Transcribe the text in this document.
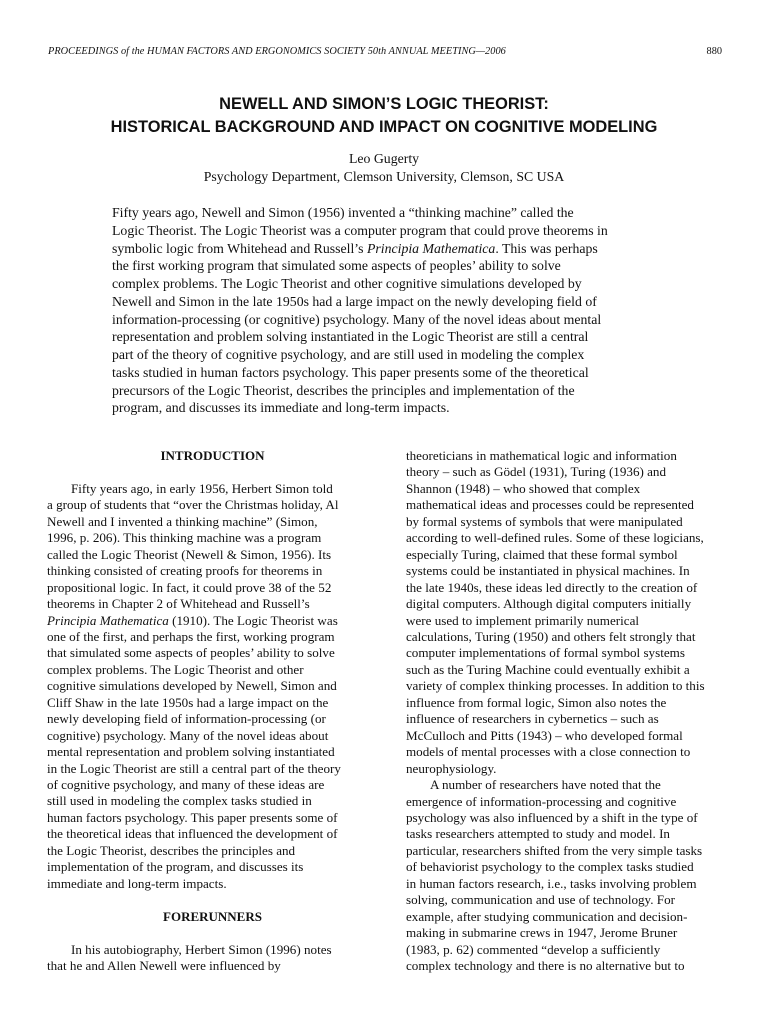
PROCEEDINGS of the HUMAN FACTORS AND ERGONOMICS SOCIETY 50th ANNUAL MEETING—2006	880
NEWELL AND SIMON’S LOGIC THEORIST:
HISTORICAL BACKGROUND AND IMPACT ON COGNITIVE MODELING
Leo Gugerty
Psychology Department, Clemson University, Clemson, SC USA
Fifty years ago, Newell and Simon (1956) invented a “thinking machine” called the
Logic Theorist. The Logic Theorist was a computer program that could prove theorems in
symbolic logic from Whitehead and Russell’s Principia Mathematica. This was perhaps
the first working program that simulated some aspects of peoples’ ability to solve
complex problems. The Logic Theorist and other cognitive simulations developed by
Newell and Simon in the late 1950s had a large impact on the newly developing field of
information-processing (or cognitive) psychology. Many of the novel ideas about mental
representation and problem solving instantiated in the Logic Theorist are still a central
part of the theory of cognitive psychology, and are still used in modeling the complex
tasks studied in human factors psychology. This paper presents some of the theoretical
precursors of the Logic Theorist, describes the principles and implementation of the
program, and discusses its immediate and long-term impacts.
INTRODUCTION
Fifty years ago, in early 1956, Herbert Simon told
a group of students that “over the Christmas holiday, Al
Newell and I invented a thinking machine” (Simon,
1996, p. 206). This thinking machine was a program
called the Logic Theorist (Newell & Simon, 1956). Its
thinking consisted of creating proofs for theorems in
propositional logic. In fact, it could prove 38 of the 52
theorems in Chapter 2 of Whitehead and Russell’s
Principia Mathematica (1910). The Logic Theorist was
one of the first, and perhaps the first, working program
that simulated some aspects of peoples’ ability to solve
complex problems. The Logic Theorist and other
cognitive simulations developed by Newell, Simon and
Cliff Shaw in the late 1950s had a large impact on the
newly developing field of information-processing (or
cognitive) psychology. Many of the novel ideas about
mental representation and problem solving instantiated
in the Logic Theorist are still a central part of the theory
of cognitive psychology, and many of these ideas are
still used in modeling the complex tasks studied in
human factors psychology. This paper presents some of
the theoretical ideas that influenced the development of
the Logic Theorist, describes the principles and
implementation of the program, and discusses its
immediate and long-term impacts.
FORERUNNERS
In his autobiography, Herbert Simon (1996) notes
that he and Allen Newell were influenced by
theoreticians in mathematical logic and information
theory – such as Gödel (1931), Turing (1936) and
Shannon (1948) – who showed that complex
mathematical ideas and processes could be represented
by formal systems of symbols that were manipulated
according to well-defined rules. Some of these logicians,
especially Turing, claimed that these formal symbol
systems could be instantiated in physical machines. In
the late 1940s, these ideas led directly to the creation of
digital computers. Although digital computers initially
were used to implement primarily numerical
calculations, Turing (1950) and others felt strongly that
computer implementations of formal symbol systems
such as the Turing Machine could eventually exhibit a
variety of complex thinking processes. In addition to this
influence from formal logic, Simon also notes the
influence of researchers in cybernetics – such as
McCulloch and Pitts (1943) – who developed formal
models of mental processes with a close connection to
neurophysiology.
A number of researchers have noted that the
emergence of information-processing and cognitive
psychology was also influenced by a shift in the type of
tasks researchers attempted to study and model. In
particular, researchers shifted from the very simple tasks
of behaviorist psychology to the complex tasks studied
in human factors research, i.e., tasks involving problem
solving, communication and use of technology. For
example, after studying communication and decision-
making in submarine crews in 1947, Jerome Bruner
(1983, p. 62) commented “develop a sufficiently
complex technology and there is no alternative but to
